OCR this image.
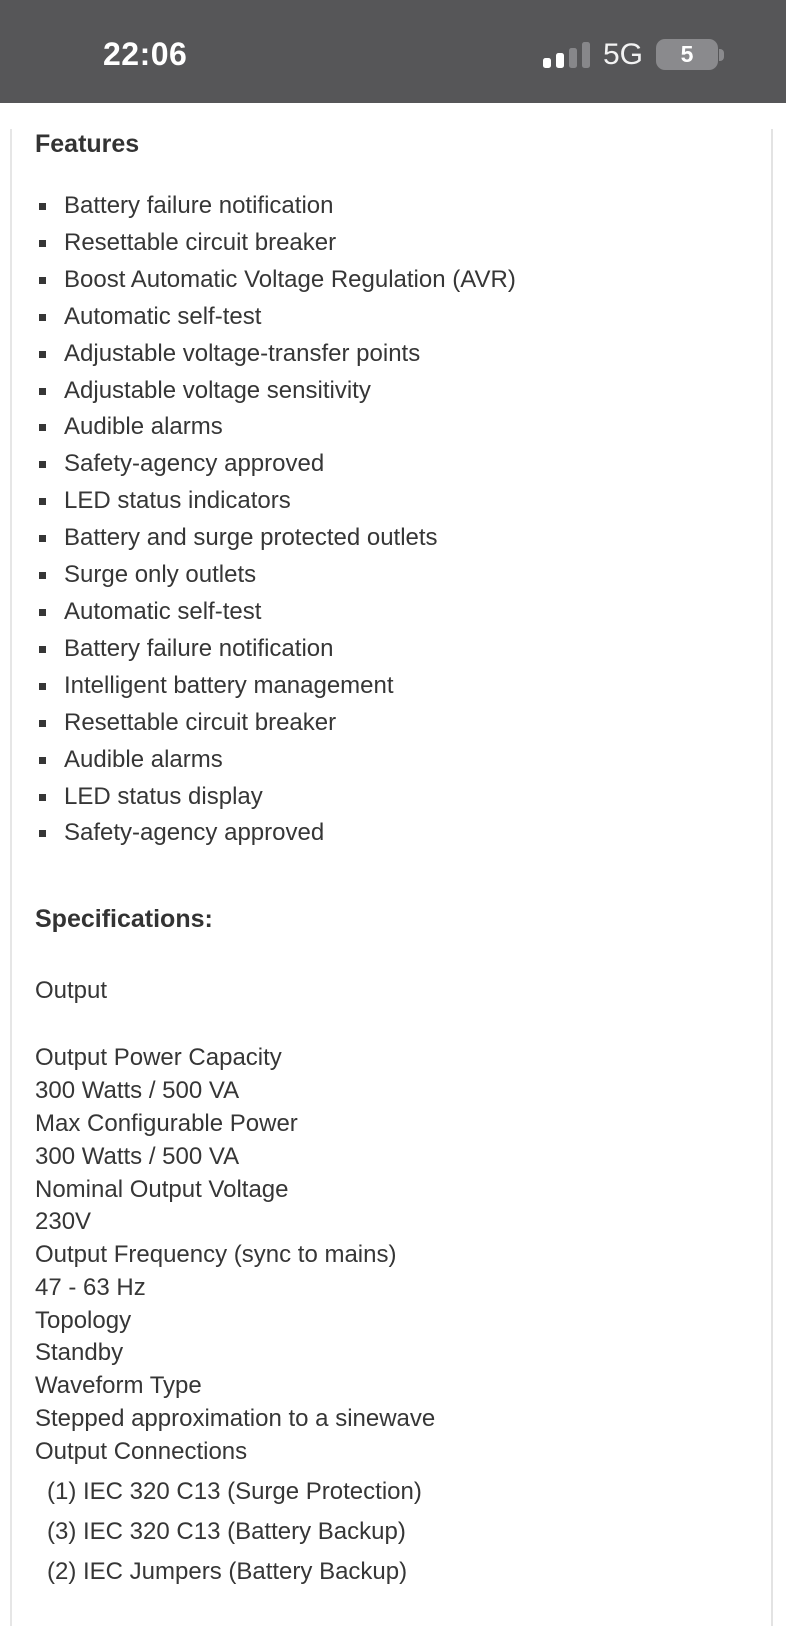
22:06	5G	5
Features
Battery failure notification
Resettable circuit breaker
Boost Automatic Voltage Regulation (AVR)
Automatic self-test
Adjustable voltage-transfer points
Adjustable voltage sensitivity
Audible alarms
Safety-agency approved
LED status indicators
Battery and surge protected outlets
Surge only outlets
Automatic self-test
Battery failure notification
Intelligent battery management
Resettable circuit breaker
Audible alarms
LED status display
Safety-agency approved
Specifications:

Output

Output Power Capacity
300 Watts / 500 VA
Max Configurable Power
300 Watts / 500 VA
Nominal Output Voltage
230V
Output Frequency (sync to mains)
47 - 63 Hz
Topology
Standby
Waveform Type
Stepped approximation to a sinewave
Output Connections

(1) IEC 320 C13 (Surge Protection)

(3) IEC 320 C13 (Battery Backup)

(2) IEC Jumpers (Battery Backup)
